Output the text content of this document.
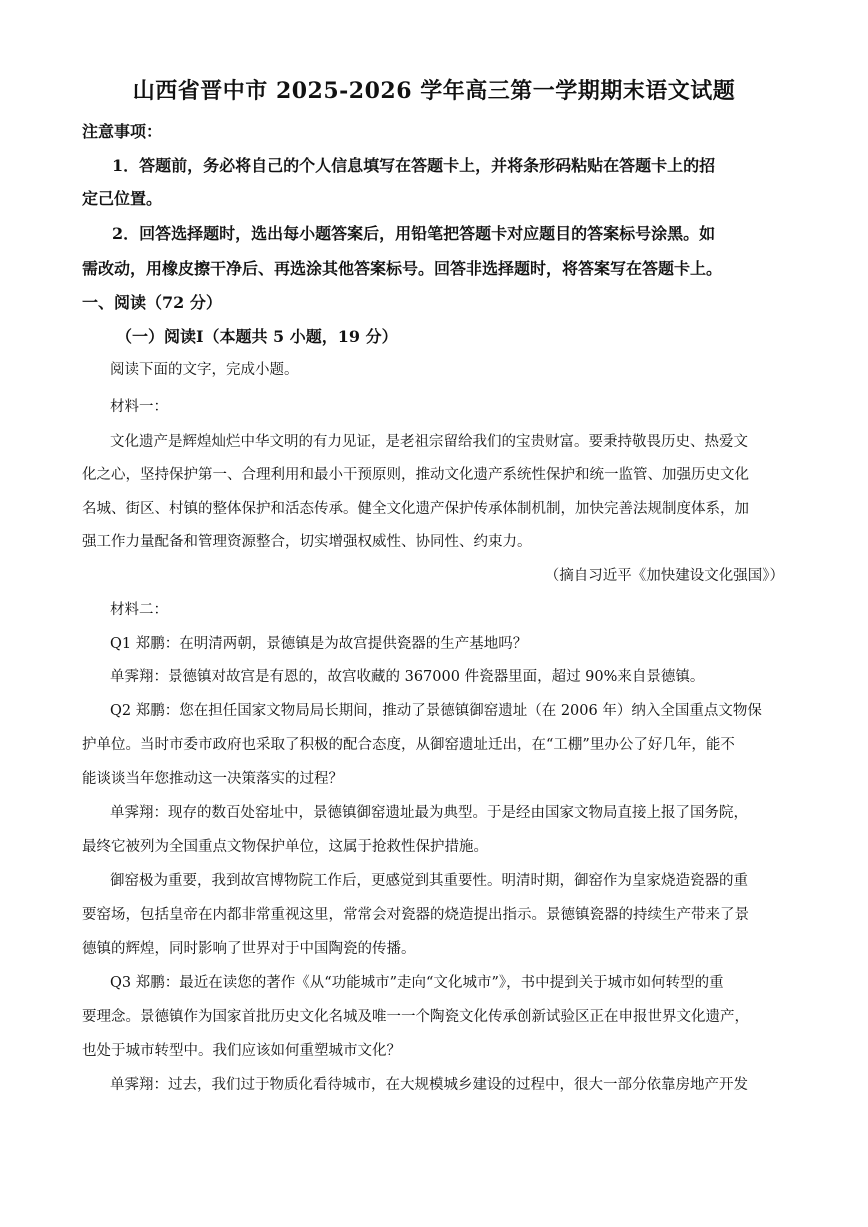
山西省晋中市 2025-2026 学年高三第一学期期末语文试题
注意事项：
1．答题前，务必将自己的个人信息填写在答题卡上，并将条形码粘贴在答题卡上的招
定己位置。
2．回答选择题时，选出每小题答案后，用铅笔把答题卡对应题目的答案标号涂黑。如
需改动，用橡皮擦干净后、再选涂其他答案标号。回答非选择题时，将答案写在答题卡上。
一、阅读（72 分）
（一）阅读Ⅰ（本题共 5 小题，19 分）
阅读下面的文字，完成小题。
材料一：
文化遗产是辉煌灿烂中华文明的有力见证，是老祖宗留给我们的宝贵财富。要秉持敬畏历史、热爱文
化之心，坚持保护第一、合理利用和最小干预原则，推动文化遗产系统性保护和统一监管、加强历史文化
名城、街区、村镇的整体保护和活态传承。健全文化遗产保护传承体制机制，加快完善法规制度体系，加
强工作力量配备和管理资源整合，切实增强权威性、协同性、约束力。
（摘自习近平《加快建设文化强国》）
材料二：
Q1 郑鹏：在明清两朝，景德镇是为故宫提供瓷器的生产基地吗？
单霁翔：景德镇对故宫是有恩的，故宫收藏的 367000 件瓷器里面，超过 90%来自景德镇。
Q2 郑鹏：您在担任国家文物局局长期间，推动了景德镇御窑遗址（在 2006 年）纳入全国重点文物保
护单位。当时市委市政府也采取了积极的配合态度，从御窑遗址迁出，在“工棚”里办公了好几年，能不
能谈谈当年您推动这一决策落实的过程？
单霁翔：现存的数百处窑址中，景德镇御窑遗址最为典型。于是经由国家文物局直接上报了国务院，
最终它被列为全国重点文物保护单位，这属于抢救性保护措施。
御窑极为重要，我到故宫博物院工作后，更感觉到其重要性。明清时期，御窑作为皇家烧造瓷器的重
要窑场，包括皇帝在内都非常重视这里，常常会对瓷器的烧造提出指示。景德镇瓷器的持续生产带来了景
德镇的辉煌，同时影响了世界对于中国陶瓷的传播。
Q3 郑鹏：最近在读您的著作《从“功能城市”走向“文化城市”》，书中提到关于城市如何转型的重
要理念。景德镇作为国家首批历史文化名城及唯一一个陶瓷文化传承创新试验区正在申报世界文化遗产，
也处于城市转型中。我们应该如何重塑城市文化？
单霁翔：过去，我们过于物质化看待城市，在大规模城乡建设的过程中，很大一部分依靠房地产开发
